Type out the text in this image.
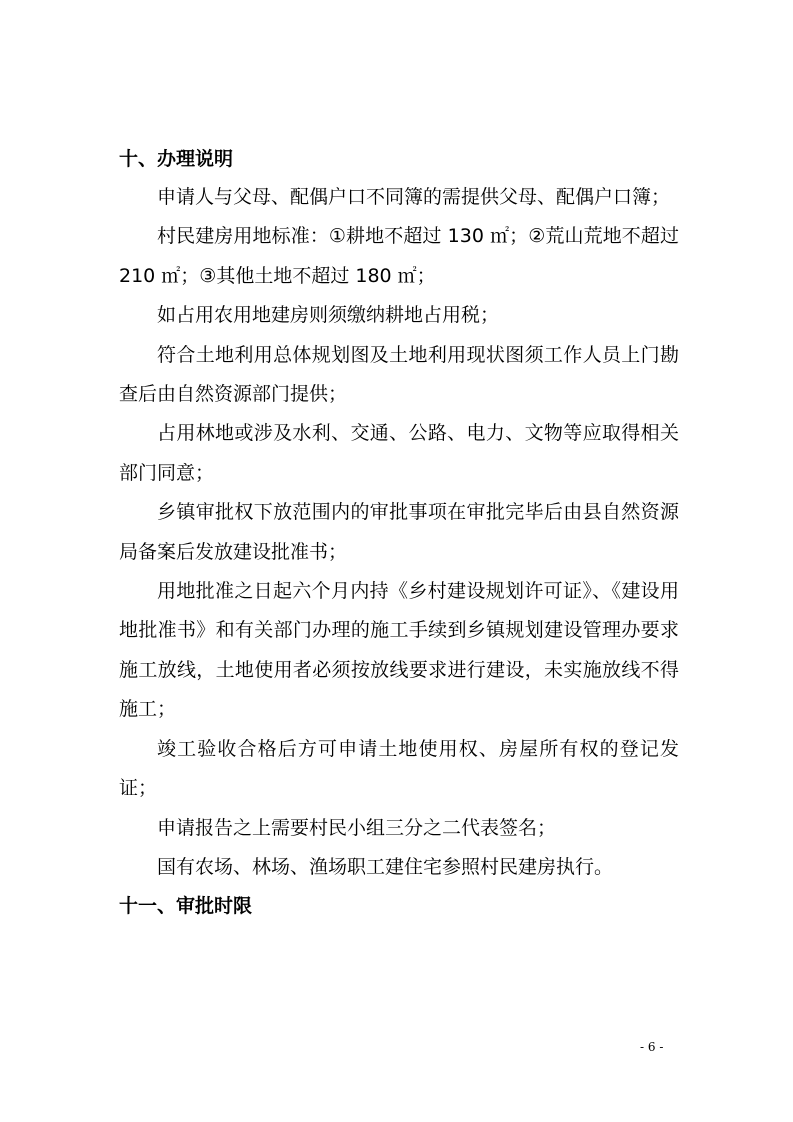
十、办理说明

申请人与父母、配偶户口不同簿的需提供父母、配偶户口簿；

村民建房用地标准：①耕地不超过 130 ㎡；②荒山荒地不超过 210 ㎡；③其他土地不超过 180 ㎡；

如占用农用地建房则须缴纳耕地占用税；

符合土地利用总体规划图及土地利用现状图须工作人员上门勘查后由自然资源部门提供；

占用林地或涉及水利、交通、公路、电力、文物等应取得相关部门同意；

乡镇审批权下放范围内的审批事项在审批完毕后由县自然资源局备案后发放建设批准书；

用地批准之日起六个月内持《乡村建设规划许可证》、《建设用地批准书》和有关部门办理的施工手续到乡镇规划建设管理办要求施工放线，土地使用者必须按放线要求进行建设，未实施放线不得施工；

竣工验收合格后方可申请土地使用权、房屋所有权的登记发证；

申请报告之上需要村民小组三分之二代表签名；

国有农场、林场、渔场职工建住宅参照村民建房执行。

十一、审批时限

- 6 -
